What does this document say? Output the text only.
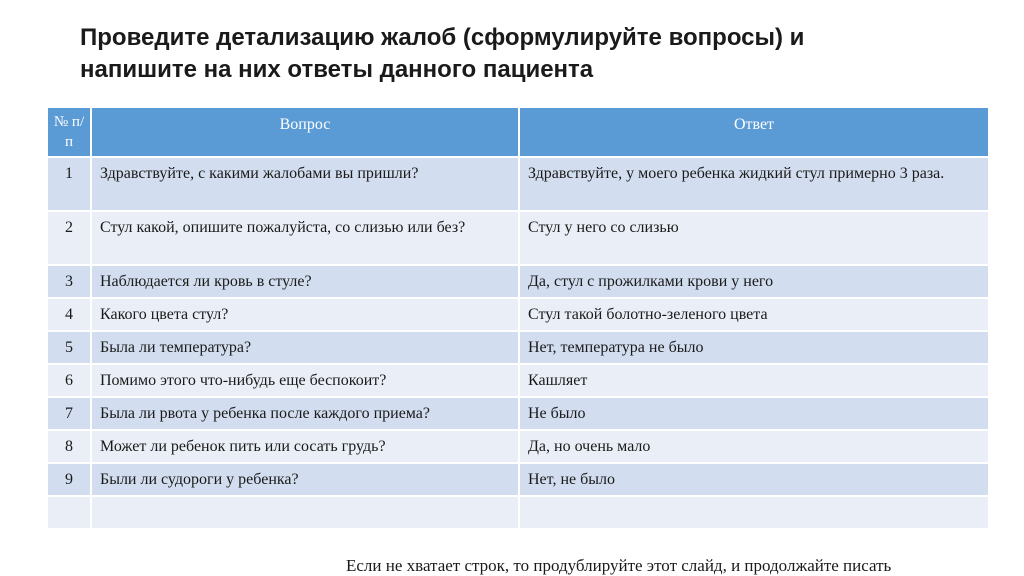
Проведите детализацию жалоб (сформулируйте вопросы) и
напишите на них ответы данного пациента
№ п/п	Вопрос	Ответ
1	Здравствуйте, с какими жалобами вы пришли?	Здравствуйте, у моего ребенка жидкий стул примерно 3 раза.
2	Стул какой, опишите пожалуйста, со слизью или без?	Стул у него со слизью
3	Наблюдается ли кровь в стуле?	Да, стул с прожилками крови у него
4	Какого цвета стул?	Стул такой болотно-зеленого цвета
5	Была ли температура?	Нет, температура не было
6	Помимо этого что-нибудь еще беспокоит?	Кашляет
7	Была ли рвота у ребенка после каждого приема?	Не было
8	Может ли ребенок пить или сосать грудь?	Да, но очень мало
9	Были ли судороги у ребенка?	Нет, не было

Если не хватает строк, то продублируйте этот слайд, и продолжайте писать
